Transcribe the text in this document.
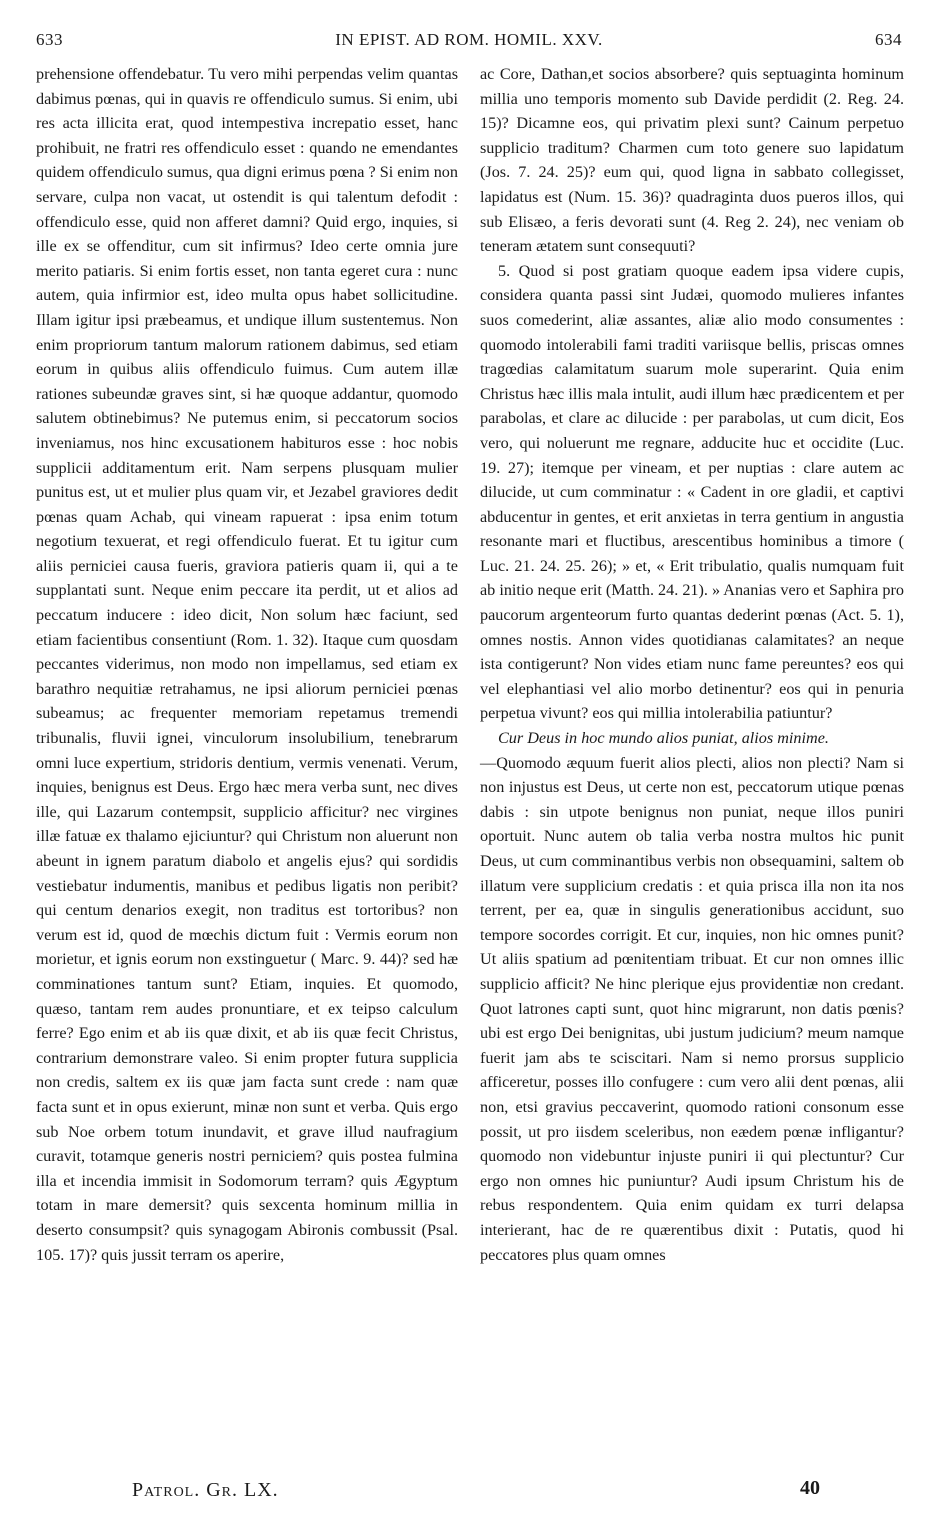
633	IN EPIST. AD ROM. HOMIL. XXV.	634

prehensione offendebatur. Tu vero mihi perpendas velim quantas dabimus pœnas, qui in quavis re offendiculo sumus. Si enim, ubi res acta illicita erat, quod intempestiva increpatio esset, hanc prohibuit, ne fratri res offendiculo esset : quando ne emendantes quidem offendiculo sumus, qua digni erimus pœna ? Si enim non servare, culpa non vacat, ut ostendit is qui talentum defodit : offendiculo esse, quid non afferet damni? Quid ergo, inquies, si ille ex se offenditur, cum sit infirmus? Ideo certe omnia jure merito patiaris. Si enim fortis esset, non tanta egeret cura : nunc autem, quia infirmior est, ideo multa opus habet sollicitudine. Illam igitur ipsi præbeamus, et undique illum sustentemus. Non enim propriorum tantum malorum rationem dabimus, sed etiam eorum in quibus aliis offendiculo fuimus. Cum autem illæ rationes subeundæ graves sint, si hæ quoque addantur, quomodo salutem obtinebimus? Ne putemus enim, si peccatorum socios inveniamus, nos hinc excusationem habituros esse : hoc nobis supplicii additamentum erit. Nam serpens plusquam mulier punitus est, ut et mulier plus quam vir, et Jezabel graviores dedit pœnas quam Achab, qui vineam rapuerat : ipsa enim totum negotium texuerat, et regi offendiculo fuerat. Et tu igitur cum aliis perniciei causa fueris, graviora patieris quam ii, qui a te supplantati sunt. Neque enim peccare ita perdit, ut et alios ad peccatum inducere : ideo dicit, Non solum hæc faciunt, sed etiam facientibus consentiunt (Rom. 1. 32). Itaque cum quosdam peccantes viderimus, non modo non impellamus, sed etiam ex barathro nequitiæ retrahamus, ne ipsi aliorum perniciei pœnas subeamus; ac frequenter memoriam repetamus tremendi tribunalis, fluvii ignei, vinculorum insolubilium, tenebrarum omni luce expertium, stridoris dentium, vermis venenati. Verum, inquies, benignus est Deus. Ergo hæc mera verba sunt, nec dives ille, qui Lazarum contempsit, supplicio afficitur? nec virgines illæ fatuæ ex thalamo ejiciuntur? qui Christum non aluerunt non abeunt in ignem paratum diabolo et angelis ejus? qui sordidis vestiebatur indumentis, manibus et pedibus ligatis non peribit? qui centum denarios exegit, non traditus est tortoribus? non verum est id, quod de mœchis dictum fuit : Vermis eorum non morietur, et ignis eorum non exstinguetur ( Marc. 9. 44)? sed hæ comminationes tantum sunt? Etiam, inquies. Et quomodo, quæso, tantam rem audes pronuntiare, et ex teipso calculum ferre? Ego enim et ab iis quæ dixit, et ab iis quæ fecit Christus, contrarium demonstrare valeo. Si enim propter futura supplicia non credis, saltem ex iis quæ jam facta sunt crede : nam quæ facta sunt et in opus exierunt, minæ non sunt et verba. Quis ergo sub Noe orbem totum inundavit, et grave illud naufragium curavit, totamque generis nostri perniciem? quis postea fulmina illa et incendia immisit in Sodomorum terram? quis Ægyptum totam in mare demersit? quis sexcenta hominum millia in deserto consumpsit? quis synagogam Abironis combussit (Psal. 105. 17)? quis jussit terram os aperire,

ac Core, Dathan,et socios absorbere? quis septuaginta hominum millia uno temporis momento sub Davide perdidit (2. Reg. 24. 15)? Dicamne eos, qui privatim plexi sunt? Cainum perpetuo supplicio traditum? Charmen cum toto genere suo lapidatum (Jos. 7. 24. 25)? eum qui, quod ligna in sabbato collegisset, lapidatus est (Num. 15. 36)? quadraginta duos pueros illos, qui sub Elisæo, a feris devorati sunt (4. Reg 2. 24), nec veniam ob teneram ætatem sunt consequuti?

5. Quod si post gratiam quoque eadem ipsa videre cupis, considera quanta passi sint Judæi, quomodo mulieres infantes suos comederint, aliæ assantes, aliæ alio modo consumentes : quomodo intolerabili fami traditi variisque bellis, priscas omnes tragœdias calamitatum suarum mole superarint. Quia enim Christus hæc illis mala intulit, audi illum hæc prædicentem et per parabolas, et clare ac dilucide : per parabolas, ut cum dicit, Eos vero, qui noluerunt me regnare, adducite huc et occidite (Luc. 19. 27); itemque per vineam, et per nuptias : clare autem ac dilucide, ut cum comminatur : « Cadent in ore gladii, et captivi abducentur in gentes, et erit anxietas in terra gentium in angustia resonante mari et fluctibus, arescentibus hominibus a timore ( Luc. 21. 24. 25. 26); » et, « Erit tribulatio, qualis numquam fuit ab initio neque erit (Matth. 24. 21). » Ananias vero et Saphira pro paucorum argenteorum furto quantas dederint pœnas (Act. 5. 1), omnes nostis. Annon vides quotidianas calamitates? an neque ista contigerunt? Non vides etiam nunc fame pereuntes? eos qui vel elephantiasi vel alio morbo detinentur? eos qui in penuria perpetua vivunt? eos qui millia intolerabilia patiuntur?

Cur Deus in hoc mundo alios puniat, alios minime.

—Quomodo æquum fuerit alios plecti, alios non plecti? Nam si non injustus est Deus, ut certe non est, peccatorum utique pœnas dabis : sin utpote benignus non puniat, neque illos puniri oportuit. Nunc autem ob talia verba nostra multos hic punit Deus, ut cum comminantibus verbis non obsequamini, saltem ob illatum vere supplicium credatis : et quia prisca illa non ita nos terrent, per ea, quæ in singulis generationibus accidunt, suo tempore socordes corrigit. Et cur, inquies, non hic omnes punit? Ut aliis spatium ad pœnitentiam tribuat. Et cur non omnes illic supplicio afficit? Ne hinc plerique ejus providentiæ non credant. Quot latrones capti sunt, quot hinc migrarunt, non datis pœnis? ubi est ergo Dei benignitas, ubi justum judicium? meum namque fuerit jam abs te sciscitari. Nam si nemo prorsus supplicio afficeretur, posses illo confugere : cum vero alii dent pœnas, alii non, etsi gravius peccaverint, quomodo rationi consonum esse possit, ut pro iisdem sceleribus, non eædem pœnæ infligantur? quomodo non videbuntur injuste puniri ii qui plectuntur? Cur ergo non omnes hic puniuntur? Audi ipsum Christum his de rebus respondentem. Quia enim quidam ex turri delapsa interierant, hac de re quærentibus dixit : Putatis, quod hi peccatores plus quam omnes

Patrol. Gr. LX.	40
